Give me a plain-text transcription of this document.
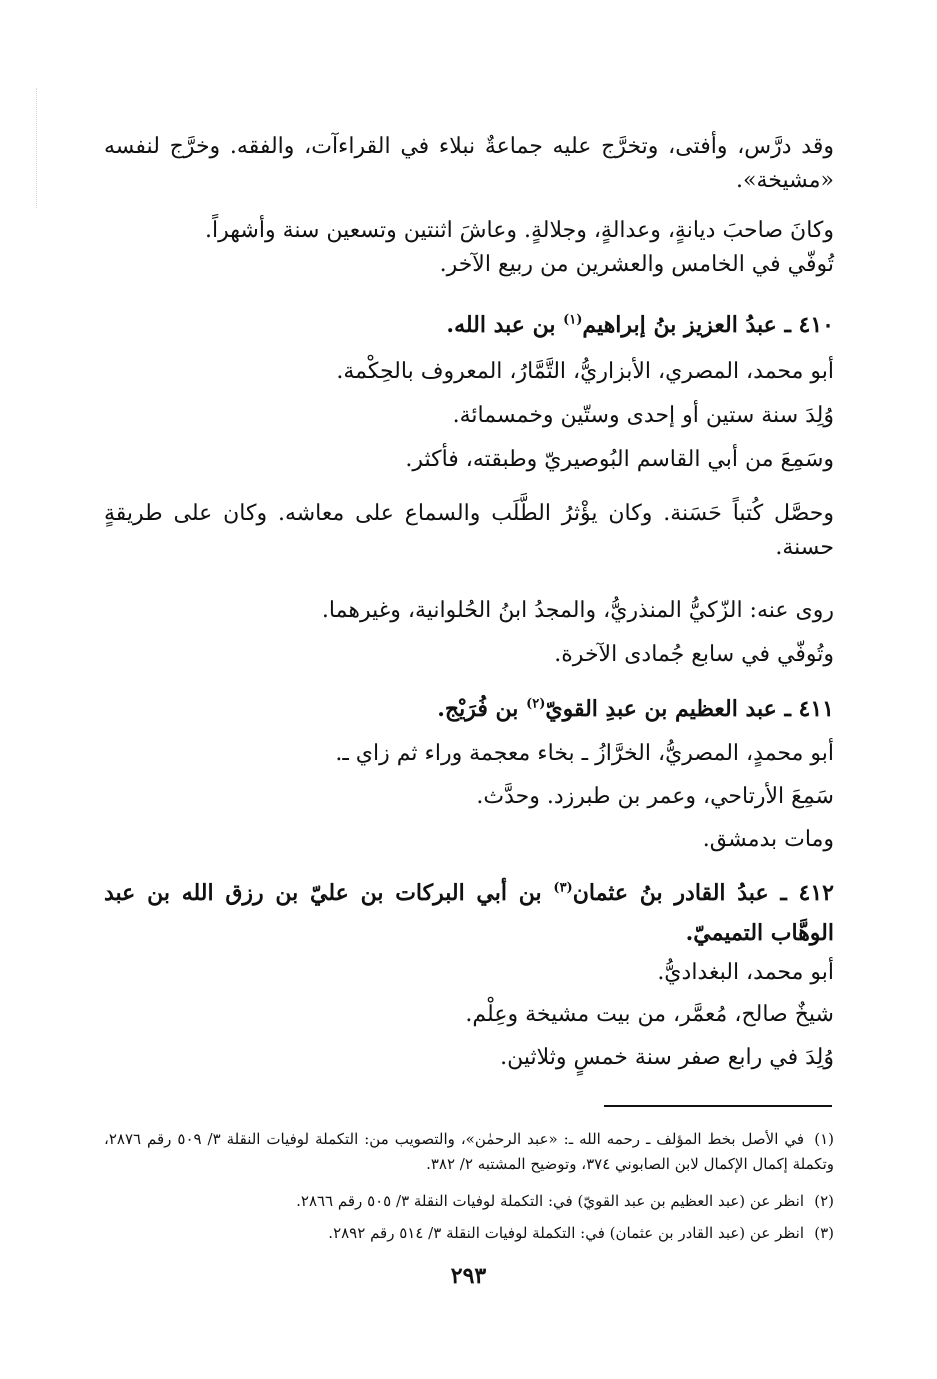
وقد درَّس، وأفتى، وتخرَّج عليه جماعةٌ نبلاء في القراءآت، والفقه. وخرَّج لنفسه «مشيخة».
وكانَ صاحبَ ديانةٍ، وعدالةٍ، وجلالةٍ. وعاشَ اثنتين وتسعين سنة وأشهراً.
تُوفّي في الخامس والعشرين من ربيع الآخر.
٤١٠ ـ عبدُ العزيز بنُ إبراهيم$^{(١)}$ بن عبد الله.
أبو محمد، المصري، الأبزاريُّ، التَّمَّارُ، المعروف بالحِكْمة.
وُلِدَ سنة ستين أو إحدى وستّين وخمسمائة.
وسَمِعَ من أبي القاسم البُوصيريّ وطبقته، فأكثر.
وحصَّل كُتباً حَسَنة. وكان يؤْثرُ الطَّلَب والسماع على معاشه. وكان على طريقةٍ حسنة.
روى عنه: الزّكيُّ المنذريُّ، والمجدُ ابنُ الحُلوانية، وغيرهما.
وتُوفّي في سابع جُمادى الآخرة.
٤١١ ـ عبد العظيم بن عبدِ القويّ$^{(٢)}$ بن فُرَيْج.
أبو محمدٍ، المصريُّ، الخرَّازُ ـ بخاء معجمة وراء ثم زاي ـ.
سَمِعَ الأرتاحي، وعمر بن طبرزد. وحدَّث.
ومات بدمشق.
٤١٢ ـ عبدُ القادر بنُ عثمان$^{(٣)}$ بن أبي البركات بن عليّ بن رزق الله بن عبد الوهَّاب التميميّ.
أبو محمد، البغداديُّ.
شيخٌ صالح، مُعمَّر، من بيت مشيخة وعِلْم.
وُلِدَ في رابع صفر سنة خمسٍ وثلاثين.
(١)في الأصل بخط المؤلف ـ رحمه الله ـ: «عبد الرحمٰن»، والتصويب من: التكملة لوفيات النقلة ٣/ ٥٠٩ رقم ٢٨٧٦، وتكملة إكمال الإكمال لابن الصابوني ٣٧٤، وتوضيح المشتبه ٢/ ٣٨٢.
(٢)انظر عن (عبد العظيم بن عبد القويّ) في: التكملة لوفيات النقلة ٣/ ٥٠٥ رقم ٢٨٦٦.
(٣)انظر عن (عبد القادر بن عثمان) في: التكملة لوفيات النقلة ٣/ ٥١٤ رقم ٢٨٩٢.
٢٩٣
